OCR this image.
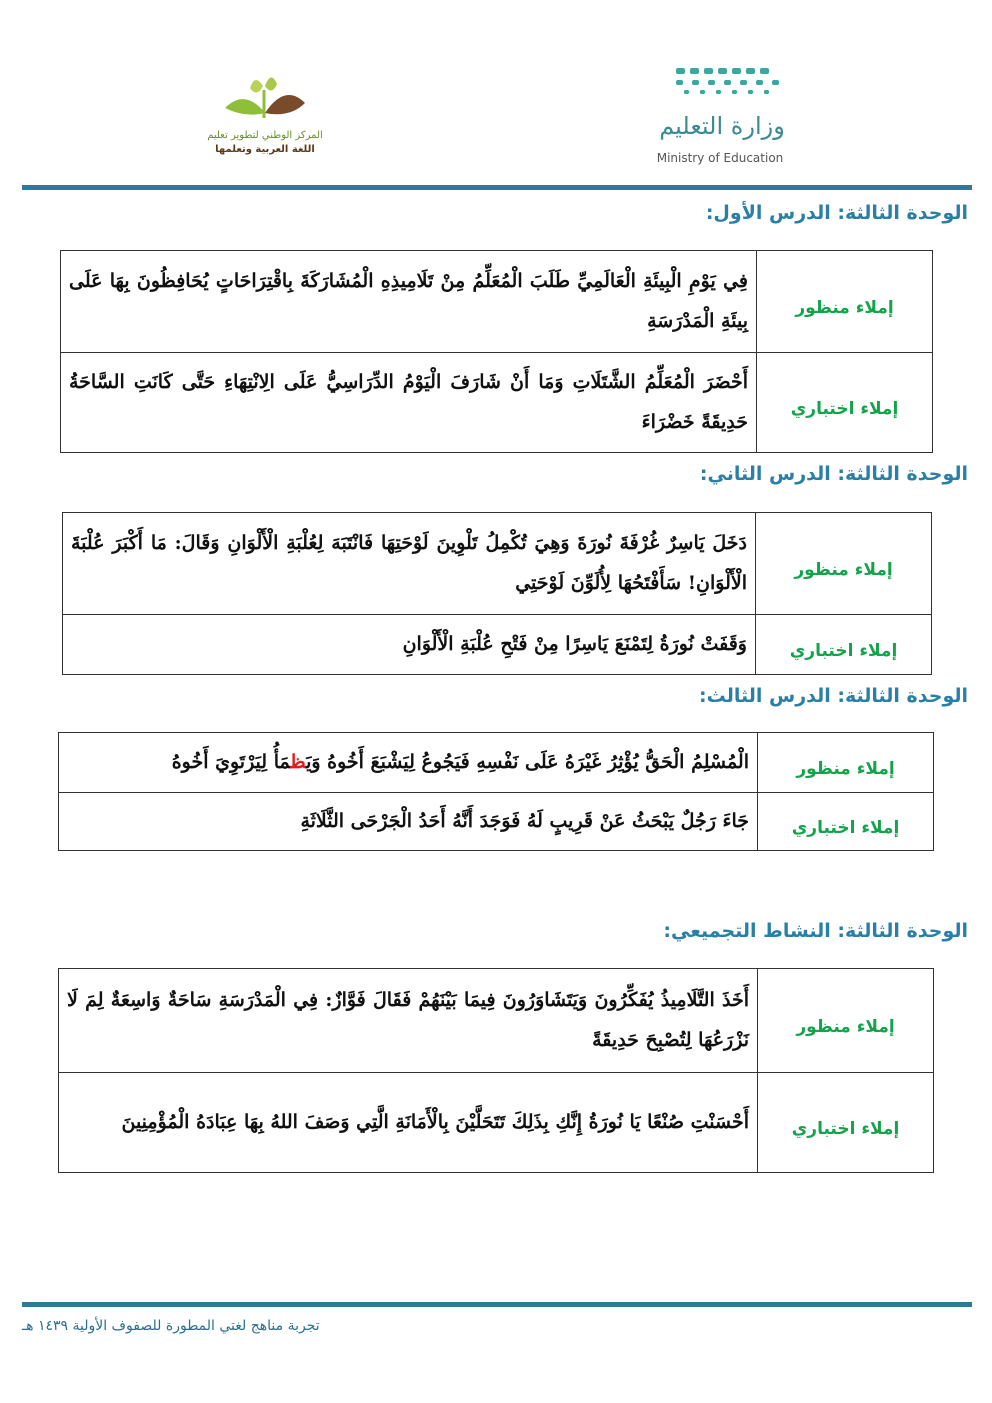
وزارة التعليم
Ministry of Education
المركز الوطني لتطوير تعليم
اللغة العربية وتعلمها
الوحدة الثالثة: الدرس الأول:
إملاء منظور	فِي يَوْمِ الْبِيئَةِ الْعَالَمِيِّ طَلَبَ الْمُعَلِّمُ مِنْ تَلَامِيذِهِ الْمُشَارَكَةَ بِاقْتِرَاحَاتٍ يُحَافِظُونَ بِهَا عَلَى بِيئَةِ الْمَدْرَسَةِ
إملاء اختباري	أَحْضَرَ الْمُعَلِّمُ الشَّتَلَاتِ وَمَا أَنْ شَارَفَ الْيَوْمُ الدِّرَاسِيُّ عَلَى الِانْتِهَاءِ حَتَّى كَانَتِ السَّاحَةُ حَدِيقَةً خَضْرَاءَ
الوحدة الثالثة: الدرس الثاني:
إملاء منظور	دَخَلَ يَاسِرٌ غُرْفَةَ نُورَةَ وَهِيَ تُكْمِلُ تَلْوِينَ لَوْحَتِهَا فَانْتَبَهَ لِعُلْبَةِ الْأَلْوَانِ وَقَالَ: مَا أَكْبَرَ عُلْبَةَ الْأَلْوَانِ! سَأَفْتَحُهَا لِأُلَوِّنَ لَوْحَتِي
إملاء اختباري	وَقَفَتْ نُورَةُ لِتَمْنَعَ يَاسِرًا مِنْ فَتْحِ عُلْبَةِ الْأَلْوَانِ
الوحدة الثالثة: الدرس الثالث:
إملاء منظور	الْمُسْلِمُ الْحَقُّ يُؤْثِرُ غَيْرَهُ عَلَى نَفْسِهِ فَيَجُوعُ لِيَشْبَعَ أَخُوهُ وَيَظمَأُ لِيَرْتَوِيَ أَخُوهُ
إملاء اختباري	جَاءَ رَجُلٌ يَبْحَثُ عَنْ قَرِيبٍ لَهُ فَوَجَدَ أَنَّهُ أَحَدُ الْجَرْحَى الثَّلَاثَةِ
الوحدة الثالثة: النشاط التجميعي:
إملاء منظور	أَخَذَ التَّلَامِيذُ يُفَكِّرُونَ وَيَتَشَاوَرُونَ فِيمَا بَيْنَهُمْ فَقَالَ فَوَّازٌ: فِي الْمَدْرَسَةِ سَاحَةٌ وَاسِعَةٌ لِمَ لَا نَزْرَعُهَا لِتُصْبِحَ حَدِيقَةً
إملاء اختباري	أَحْسَنْتِ صُنْعًا يَا نُورَةُ إِنَّكِ بِذَلِكَ تَتَحَلَّيْنَ بِالْأَمَانَةِ الَّتِي وَصَفَ اللهُ بِهَا عِبَادَهُ الْمُؤْمِنِينَ
تجربة مناهج لغتي المطورة للصفوف الأولية ١٤٣٩ هـ
